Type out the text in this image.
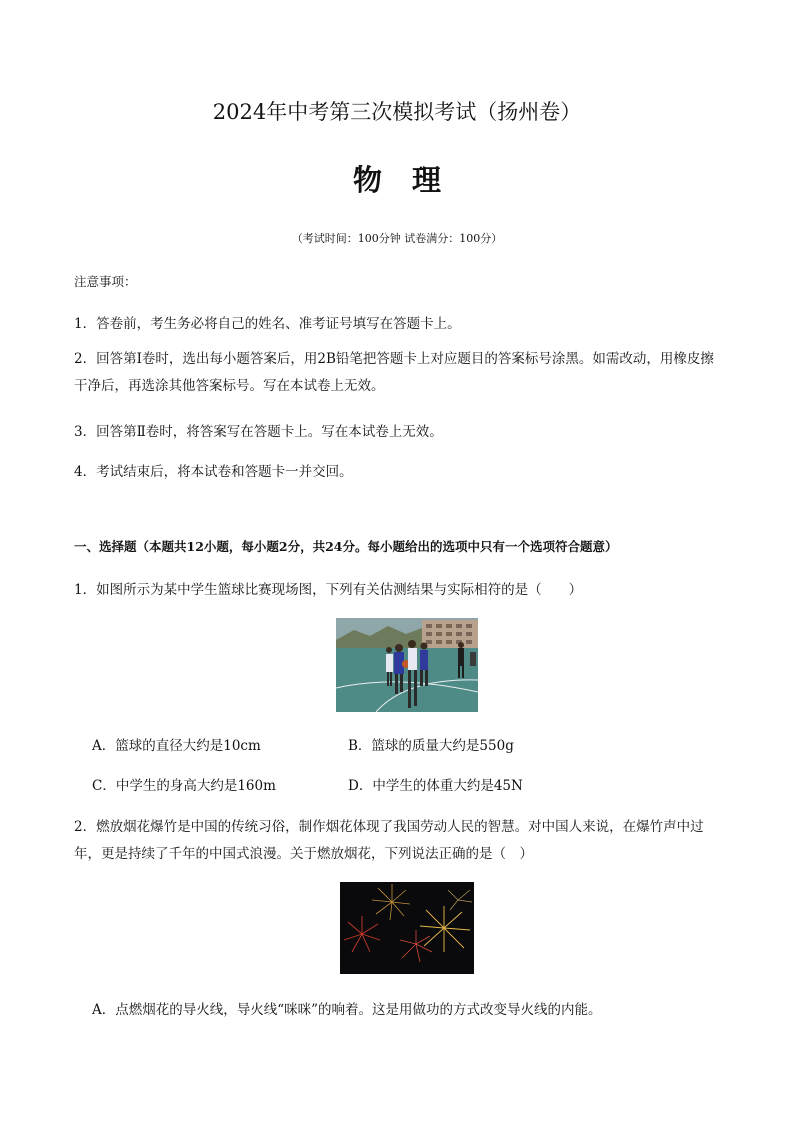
2024年中考第三次模拟考试（扬州卷）
物理
（考试时间：100分钟 试卷满分：100分）
注意事项：
1．答卷前，考生务必将自己的姓名、准考证号填写在答题卡上。
2．回答第Ⅰ卷时，选出每小题答案后，用2B铅笔把答题卡上对应题目的答案标号涂黑。如需改动，用橡皮擦干净后，再选涂其他答案标号。写在本试卷上无效。
3．回答第Ⅱ卷时，将答案写在答题卡上。写在本试卷上无效。
4．考试结束后，将本试卷和答题卡一并交回。
一、选择题（本题共12小题，每小题2分，共24分。每小题给出的选项中只有一个选项符合题意）
1．如图所示为某中学生篮球比赛现场图，下列有关估测结果与实际相符的是（　　）
A．篮球的直径大约是10cm	B．篮球的质量大约是550g
C．中学生的身高大约是160m	D．中学生的体重大约是45N
2．燃放烟花爆竹是中国的传统习俗，制作烟花体现了我国劳动人民的智慧。对中国人来说，在爆竹声中过年，更是持续了千年的中国式浪漫。关于燃放烟花，下列说法正确的是（　）
A．点燃烟花的导火线，导火线“咪咪”的响着。这是用做功的方式改变导火线的内能。
